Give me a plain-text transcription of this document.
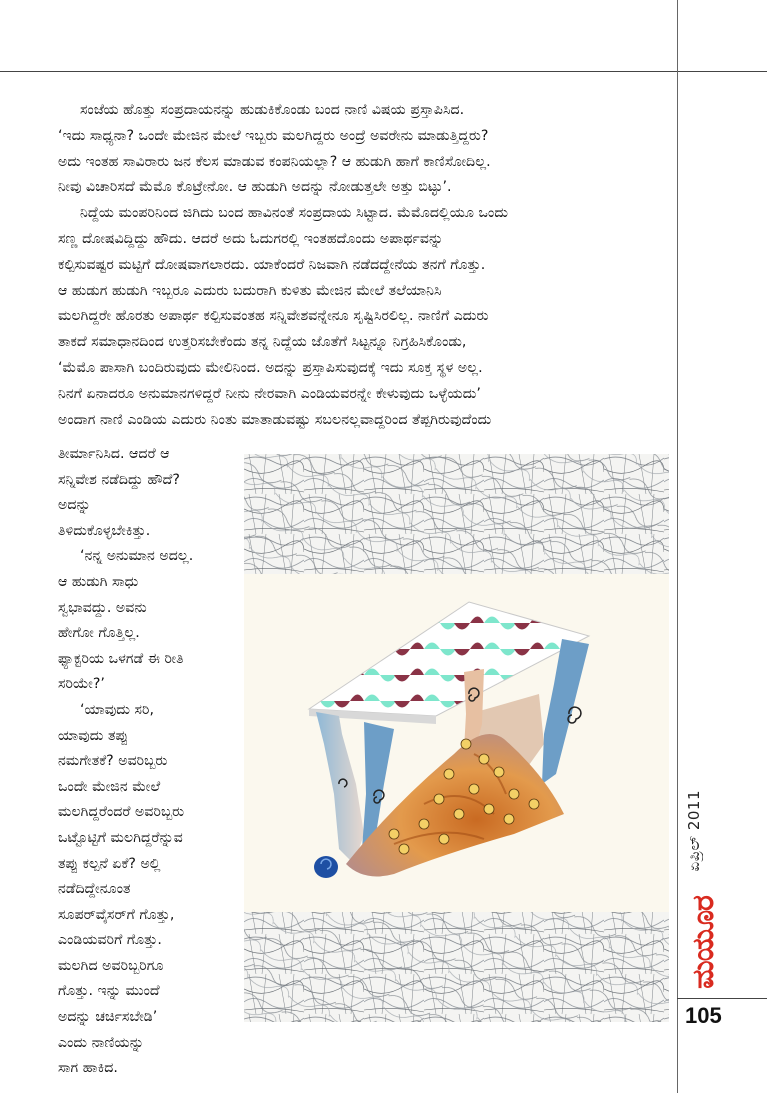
ಸಂಜೆಯ ಹೊತ್ತು ಸಂಪ್ರದಾಯನನ್ನು ಹುಡುಕಿಕೊಂಡು ಬಂದ ನಾಣಿ ವಿಷಯ ಪ್ರಸ್ತಾಪಿಸಿದ.

‘ಇದು ಸಾಧ್ಯನಾ? ಒಂದೇ ಮೇಜಿನ ಮೇಲೆ ಇಬ್ಬರು ಮಲಗಿದ್ದರು ಅಂದ್ರೆ ಅವರೇನು ಮಾಡುತ್ತಿದ್ದರು?

ಅದು ಇಂತಹ ಸಾವಿರಾರು ಜನ ಕೆಲಸ ಮಾಡುವ ಕಂಪನಿಯಲ್ಲಾ? ಆ ಹುಡುಗಿ ಹಾಗೆ ಕಾಣಿಸೋದಿಲ್ಲ.

ನೀವು ವಿಚಾರಿಸದೆ ಮೆಮೊ ಕೊಟ್ರೇನೋ. ಆ ಹುಡುಗಿ ಅದನ್ನು ನೋಡುತ್ತಲೇ ಅತ್ತು ಬಿಟ್ಳು’.

ನಿದ್ದೆಯ ಮಂಪರಿನಿಂದ ಜಿಗಿದು ಬಂದ ಹಾವಿನಂತೆ ಸಂಪ್ರದಾಯ ಸಿಟ್ಟಾದ. ಮೆಮೊದಲ್ಲಿಯೂ ಒಂದು

ಸಣ್ಣ ದೋಷವಿದ್ದಿದ್ದು ಹೌದು. ಆದರೆ ಅದು ಓದುಗರಲ್ಲಿ ಇಂತಹದೊಂದು ಅಪಾರ್ಥವನ್ನು

ಕಲ್ಪಿಸುವಷ್ಟರ ಮಟ್ಟಿಗೆ ದೋಷವಾಗಲಾರದು. ಯಾಕೆಂದರೆ ನಿಜವಾಗಿ ನಡೆದದ್ದೇನೆಯ ತನಗೆ ಗೊತ್ತು.

ಆ ಹುಡುಗ ಹುಡುಗಿ ಇಬ್ಬರೂ ಎದುರು ಬದುರಾಗಿ ಕುಳಿತು ಮೇಜಿನ ಮೇಲೆ ತಲೆಯಾನಿಸಿ

ಮಲಗಿದ್ದರೇ ಹೊರತು ಅಪಾರ್ಥ ಕಲ್ಪಿಸುವಂತಹ ಸನ್ನಿವೇಶವನ್ನೇನೂ ಸೃಷ್ಟಿಸಿರಲಿಲ್ಲ. ನಾಣಿಗೆ ಎದುರು

ತಾಕದೆ ಸಮಾಧಾನದಿಂದ ಉತ್ತರಿಸಬೇಕೆಂದು ತನ್ನ ನಿದ್ದೆಯ ಜೊತೆಗೆ ಸಿಟ್ಟನ್ನೂ ನಿಗ್ರಹಿಸಿಕೊಂಡು,

‘ಮೆಮೊ ಪಾಸಾಗಿ ಬಂದಿರುವುದು ಮೇಲಿನಿಂದ. ಅದನ್ನು ಪ್ರಸ್ತಾಪಿಸುವುದಕ್ಕೆ ಇದು ಸೂಕ್ತ ಸ್ಥಳ ಅಲ್ಲ.

ನಿನಗೆ ಏನಾದರೂ ಅನುಮಾನಗಳಿದ್ದರೆ ನೀನು ನೇರವಾಗಿ ಎಂಡಿಯವರನ್ನೇ ಕೇಳುವುದು ಒಳ್ಳೆಯದು’

ಅಂದಾಗ ನಾಣಿ ಎಂಡಿಯ ಎದುರು ನಿಂತು ಮಾತಾಡುವಷ್ಟು ಸಬಲನಲ್ಲವಾದ್ದರಿಂದ ತೆಪ್ಪಗಿರುವುದೆಂದು

ತೀರ್ಮಾನಿಸಿದ. ಆದರೆ ಆ

ಸನ್ನಿವೇಶ ನಡೆದಿದ್ದು ಹೌದೆ?

ಅದನ್ನು

ತಿಳಿದುಕೊಳ್ಳಬೇಕಿತ್ತು.

‘ನನ್ನ ಅನುಮಾನ ಅದಲ್ಲ.

ಆ ಹುಡುಗಿ ಸಾಧು

ಸ್ವಭಾವದ್ದು. ಅವನು

ಹೇಗೋ ಗೊತ್ತಿಲ್ಲ.

ಫ್ಯಾಕ್ಟರಿಯ ಒಳಗಡೆ ಈ ರೀತಿ

ಸರಿಯೇ?’

‘ಯಾವುದು ಸರಿ,

ಯಾವುದು ತಪ್ಪು

ನಮಗೇತಕೆ? ಅವರಿಬ್ಬರು

ಒಂದೇ ಮೇಜಿನ ಮೇಲೆ

ಮಲಗಿದ್ದರೆಂದರೆ ಅವರಿಬ್ಬರು

ಒಟ್ಟೊಟ್ಟಿಗೆ ಮಲಗಿದ್ದರೆನ್ನುವ

ತಪ್ಪು ಕಲ್ಪನೆ ಏಕೆ? ಅಲ್ಲಿ

ನಡೆದಿದ್ದೇನೂಂತ

ಸೂಪರ್‌ವೈಸರ್‌ಗೆ ಗೊತ್ತು,

ಎಂಡಿಯವರಿಗೆ ಗೊತ್ತು.

ಮಲಗಿದ ಅವರಿಬ್ಬರಿಗೂ

ಗೊತ್ತು. ಇನ್ನು ಮುಂದೆ

ಅದನ್ನು ಚರ್ಚಿಸಬೇಡಿ’

ಎಂದು ನಾಣಿಯನ್ನು

ಸಾಗ ಹಾಕಿದ.

ಏಪ್ರಿಲ್ 2011
ಮಯೂರ
105
